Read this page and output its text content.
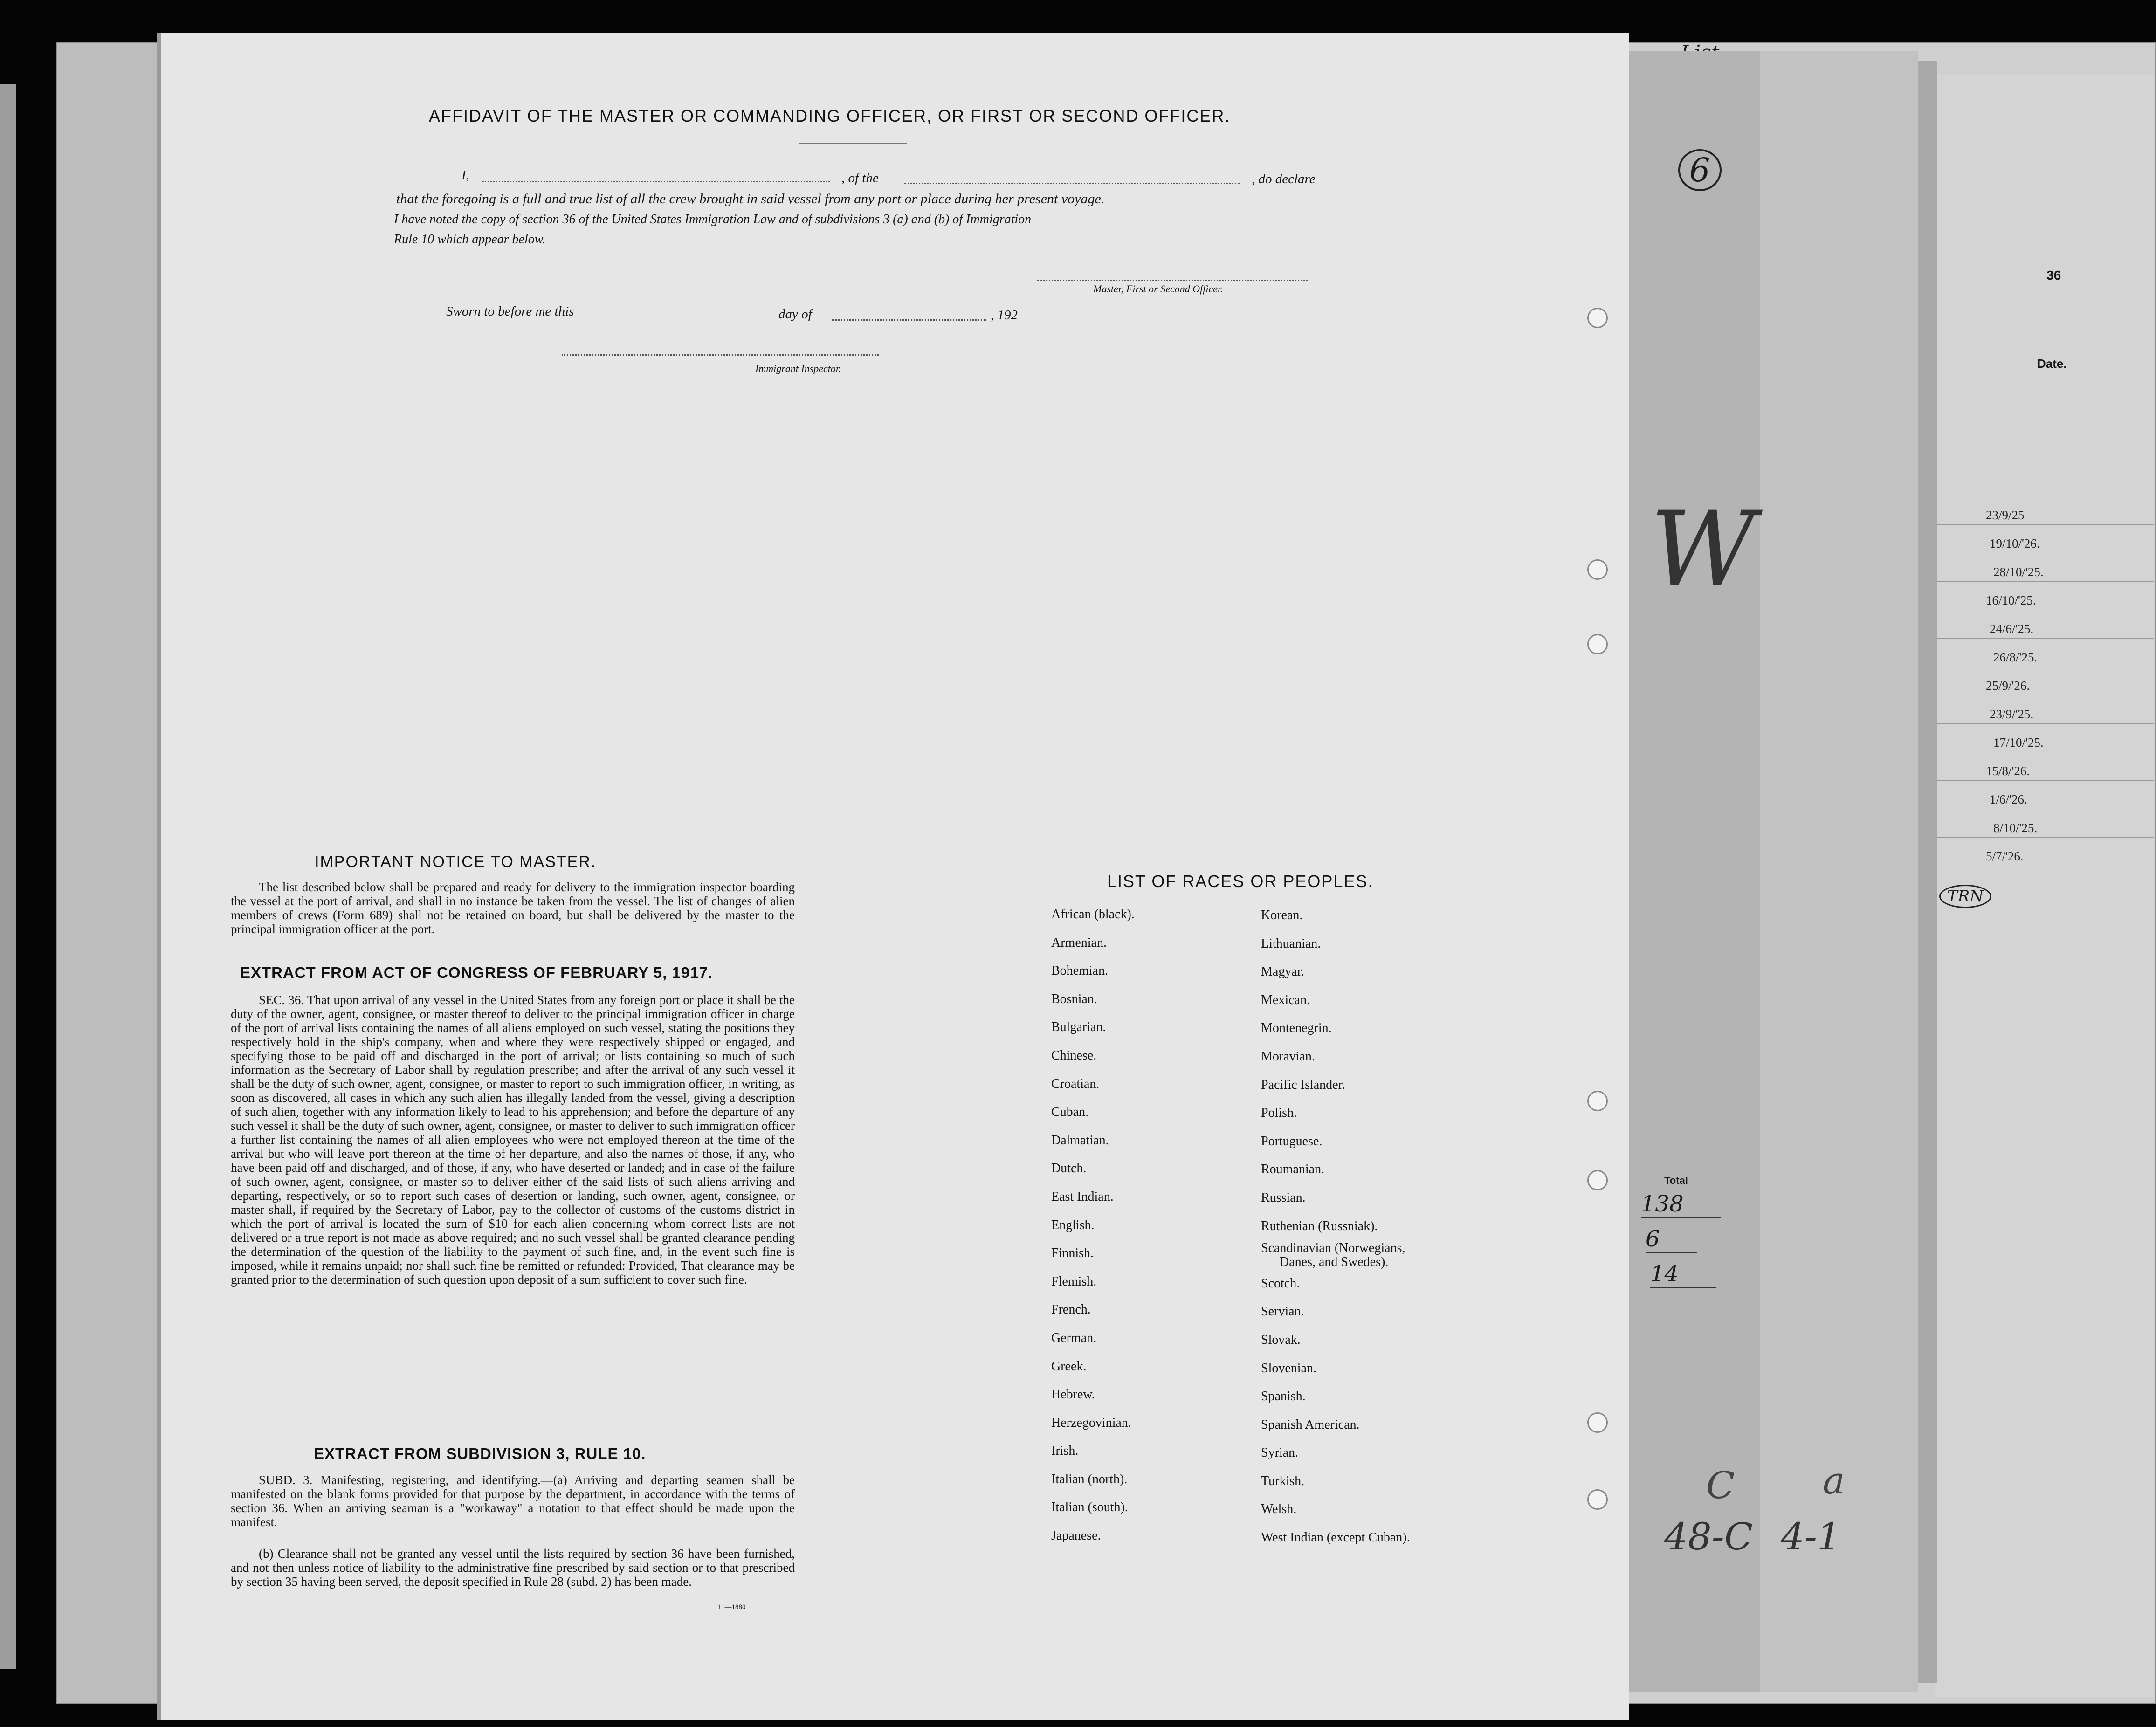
36
Date.
23/9/25
19/10/'26.
28/10/'25.
16/10/'25.
24/6/'25.
26/8/'25.
25/9/'26.
23/9/'25.
17/10/'25.
15/8/'26.
1/6/'26.
8/10/'25.
5/7/'26.
6
W
Total
138
6
14
TRN
C a
48-C 4-1
AFFIDAVIT OF THE MASTER OR COMMANDING OFFICER, OR FIRST OR SECOND OFFICER.
I,	, of the	, do declare
that the foregoing is a full and true list of all the crew brought in said vessel from any port or place during her present voyage.
I have noted the copy of section 36 of the United States Immigration Law and of subdivisions 3 (a) and (b) of Immigration
Rule 10 which appear below.
Master, First or Second Officer.
Sworn to before me this	day of	, 192
Immigrant Inspector.
IMPORTANT NOTICE TO MASTER.
The list described below shall be prepared and ready for delivery to the immigration inspector boarding the vessel at the port of arrival, and shall in no instance be taken from the vessel. The list of changes of alien members of crews (Form 689) shall not be retained on board, but shall be delivered by the master to the principal immigration officer at the port.
EXTRACT FROM ACT OF CONGRESS OF FEBRUARY 5, 1917.
SEC. 36. That upon arrival of any vessel in the United States from any foreign port or place it shall be the duty of the owner, agent, consignee, or master thereof to deliver to the principal immigration officer in charge of the port of arrival lists containing the names of all aliens employed on such vessel, stating the positions they respectively hold in the ship's company, when and where they were respectively shipped or engaged, and specifying those to be paid off and discharged in the port of arrival; or lists containing so much of such information as the Secretary of Labor shall by regulation prescribe; and after the arrival of any such vessel it shall be the duty of such owner, agent, consignee, or master to report to such immigration officer, in writing, as soon as discovered, all cases in which any such alien has illegally landed from the vessel, giving a description of such alien, together with any information likely to lead to his apprehension; and before the departure of any such vessel it shall be the duty of such owner, agent, consignee, or master to deliver to such immigration officer a further list containing the names of all alien employees who were not employed thereon at the time of the arrival but who will leave port thereon at the time of her departure, and also the names of those, if any, who have been paid off and discharged, and of those, if any, who have deserted or landed; and in case of the failure of such owner, agent, consignee, or master so to deliver either of the said lists of such aliens arriving and departing, respectively, or so to report such cases of desertion or landing, such owner, agent, consignee, or master shall, if required by the Secretary of Labor, pay to the collector of customs of the customs district in which the port of arrival is located the sum of $10 for each alien concerning whom correct lists are not delivered or a true report is not made as above required; and no such vessel shall be granted clearance pending the determination of the question of the liability to the payment of such fine, and, in the event such fine is imposed, while it remains unpaid; nor shall such fine be remitted or refunded: Provided, That clearance may be granted prior to the determination of such question upon deposit of a sum sufficient to cover such fine.
EXTRACT FROM SUBDIVISION 3, RULE 10.
SUBD. 3. Manifesting, registering, and identifying.—(a) Arriving and departing seamen shall be manifested on the blank forms provided for that purpose by the department, in accordance with the terms of section 36. When an arriving seaman is a "workaway" a notation to that effect should be made upon the manifest.
(b) Clearance shall not be granted any vessel until the lists required by section 36 have been furnished, and not then unless notice of liability to the administrative fine prescribed by said section or to that prescribed by section 35 having been served, the deposit specified in Rule 28 (subd. 2) has been made.
11—1880
LIST OF RACES OR PEOPLES.
African (black).
Armenian.
Bohemian.
Bosnian.
Bulgarian.
Chinese.
Croatian.
Cuban.
Dalmatian.
Dutch.
East Indian.
English.
Finnish.
Flemish.
French.
German.
Greek.
Hebrew.
Herzegovinian.
Irish.
Italian (north).
Italian (south).
Japanese.
Korean.
Lithuanian.
Magyar.
Mexican.
Montenegrin.
Moravian.
Pacific Islander.
Polish.
Portuguese.
Roumanian.
Russian.
Ruthenian (Russniak).
Scandinavian (Norwegians,
Danes, and Swedes).
Scotch.
Servian.
Slovak.
Slovenian.
Spanish.
Spanish American.
Syrian.
Turkish.
Welsh.
West Indian (except Cuban).
